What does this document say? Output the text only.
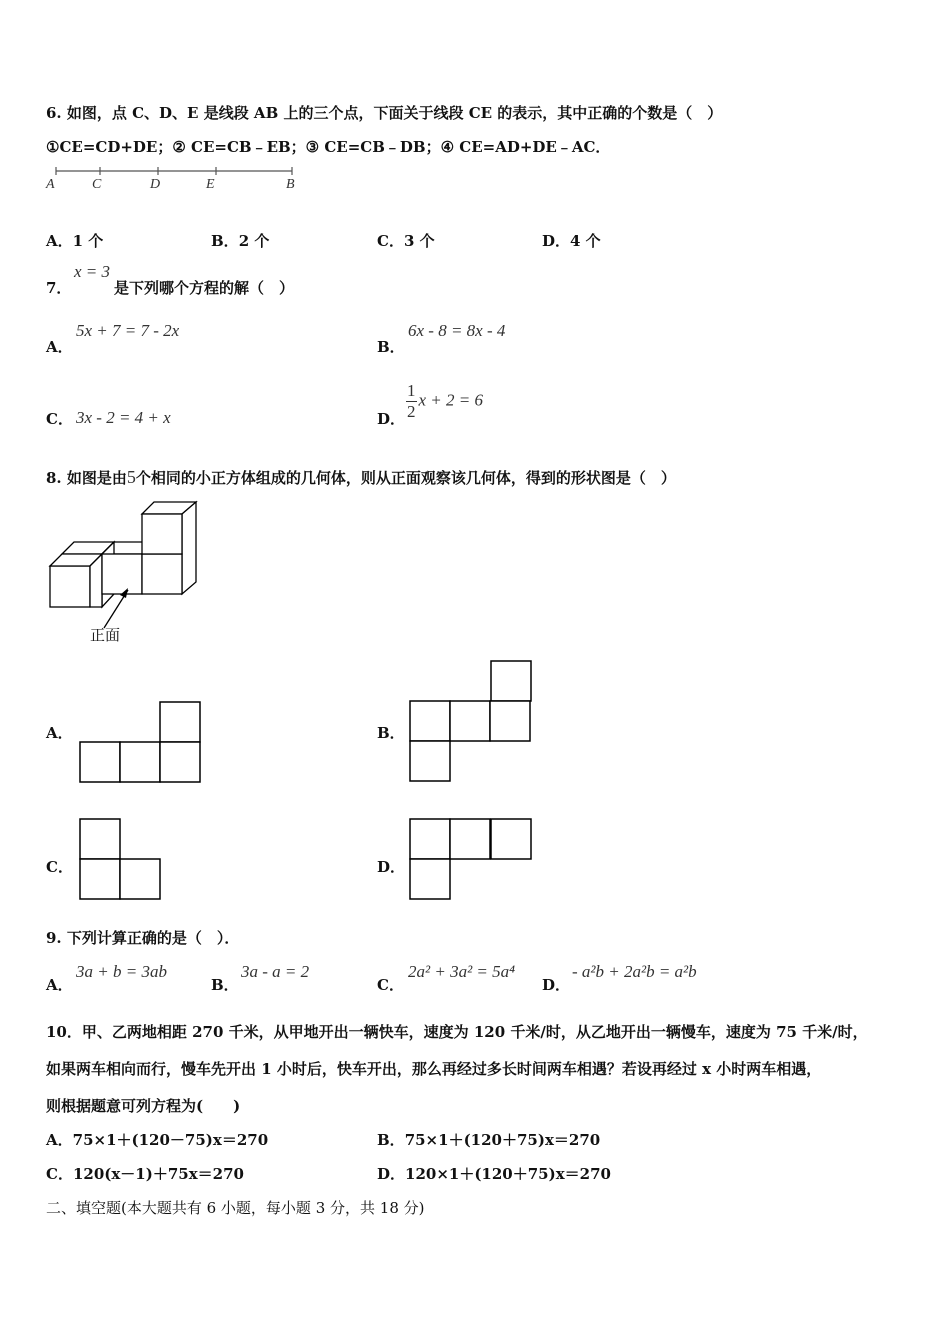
6. 如图，点 C、D、E 是线段 AB 上的三个点，下面关于线段 CE 的表示，其中正确的个数是（　）
①CE=CD+DE；② CE=CB﹣EB；③ CE=CB﹣DB；④ CE=AD+DE﹣AC．
A	C	D	E	B
A．1 个	B．2 个	C．3 个	D．4 个
7．
x = 3
是下列哪个方程的解（　）
A．
5x + 7 = 7 - 2x
B．
6x - 8 = 8x - 4
C． 3x - 2 = 4 + x	D． $\frac{1}{2}$ x + 2 = 6
8. 如图是由5个相同的小正方体组成的几何体，则从正面观察该几何体，得到的形状图是（　）
正面
A．	B．
C．	D．
9. 下列计算正确的是（　）．
A．
3a + b = 3ab
B．
3a - a = 2
C．
2a² + 3a² = 5a⁴
D．
- a²b + 2a²b = a²b
10．甲、乙两地相距 270 千米，从甲地开出一辆快车，速度为 120 千米/时，从乙地开出一辆慢车，速度为 75 千米/时，
如果两车相向而行，慢车先开出 1 小时后，快车开出，那么再经过多长时间两车相遇？若设再经过 x 小时两车相遇，
则根据题意可列方程为(　　)
A．75×1＋(120－75)x＝270	B．75×1＋(120＋75)x＝270
C．120(x－1)＋75x＝270	D．120×1＋(120＋75)x＝270
二、填空题(本大题共有 6 小题，每小题 3 分，共 18 分)
